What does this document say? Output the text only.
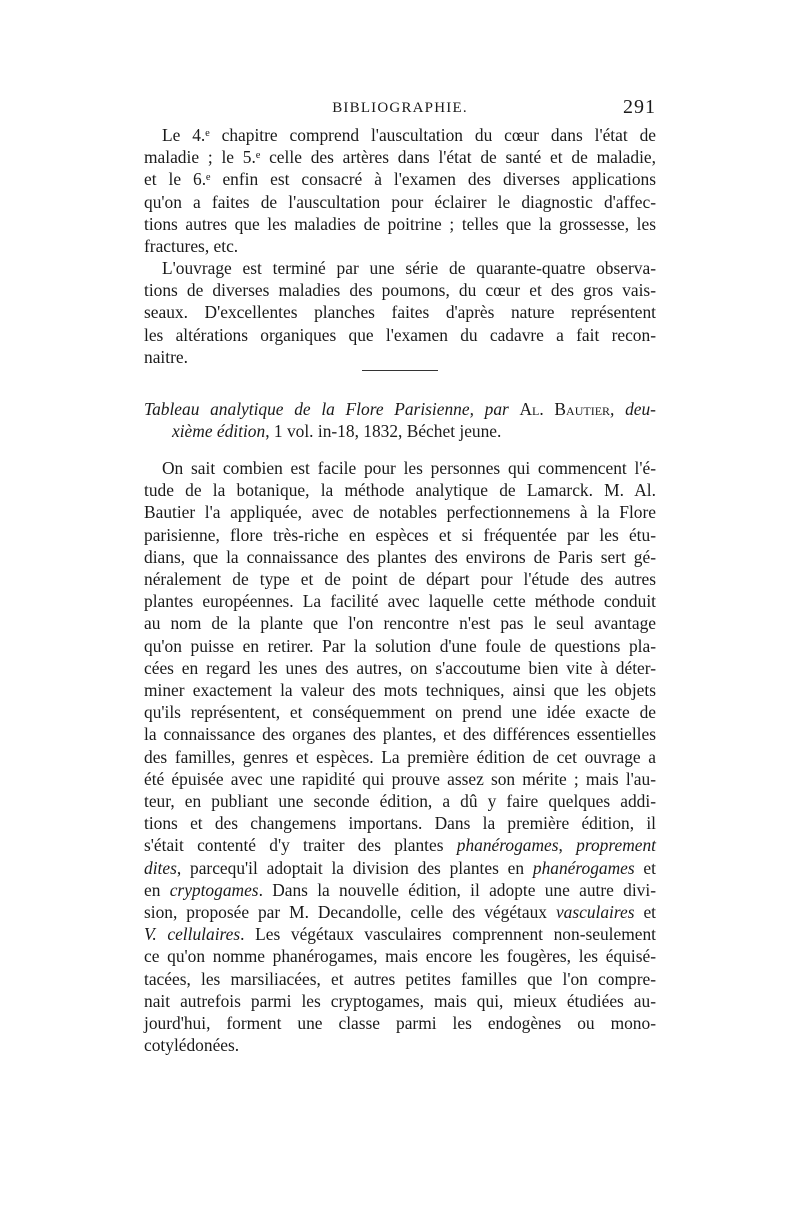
BIBLIOGRAPHIE.	291
Le 4.ᵉ chapitre comprend l'auscultation du cœur dans l'état de
maladie ; le 5.ᵉ celle des artères dans l'état de santé et de maladie,
et le 6.ᵉ enfin est consacré à l'examen des diverses applications
qu'on a faites de l'auscultation pour éclairer le diagnostic d'affec-
tions autres que les maladies de poitrine ; telles que la grossesse, les
fractures, etc.
L'ouvrage est terminé par une série de quarante-quatre observa-
tions de diverses maladies des poumons, du cœur et des gros vais-
seaux. D'excellentes planches faites d'après nature représentent
les altérations organiques que l'examen du cadavre a fait recon-
naitre.
Tableau analytique de la Flore Parisienne, par Al. Bautier, deu-
xième édition, 1 vol. in-18, 1832, Béchet jeune.
On sait combien est facile pour les personnes qui commencent l'é-
tude de la botanique, la méthode analytique de Lamarck. M. Al.
Bautier l'a appliquée, avec de notables perfectionnemens à la Flore
parisienne, flore très-riche en espèces et si fréquentée par les étu-
dians, que la connaissance des plantes des environs de Paris sert gé-
néralement de type et de point de départ pour l'étude des autres
plantes européennes. La facilité avec laquelle cette méthode conduit
au nom de la plante que l'on rencontre n'est pas le seul avantage
qu'on puisse en retirer. Par la solution d'une foule de questions pla-
cées en regard les unes des autres, on s'accoutume bien vite à déter-
miner exactement la valeur des mots techniques, ainsi que les objets
qu'ils représentent, et conséquemment on prend une idée exacte de
la connaissance des organes des plantes, et des différences essentielles
des familles, genres et espèces. La première édition de cet ouvrage a
été épuisée avec une rapidité qui prouve assez son mérite ; mais l'au-
teur, en publiant une seconde édition, a dû y faire quelques addi-
tions et des changemens importans. Dans la première édition, il
s'était contenté d'y traiter des plantes phanérogames, proprement
dites, parcequ'il adoptait la division des plantes en phanérogames et
en cryptogames. Dans la nouvelle édition, il adopte une autre divi-
sion, proposée par M. Decandolle, celle des végétaux vasculaires et
V. cellulaires. Les végétaux vasculaires comprennent non-seulement
ce qu'on nomme phanérogames, mais encore les fougères, les équisé-
tacées, les marsiliacées, et autres petites familles que l'on compre-
nait autrefois parmi les cryptogames, mais qui, mieux étudiées au-
jourd'hui, forment une classe parmi les endogènes ou mono-
cotylédonées.
